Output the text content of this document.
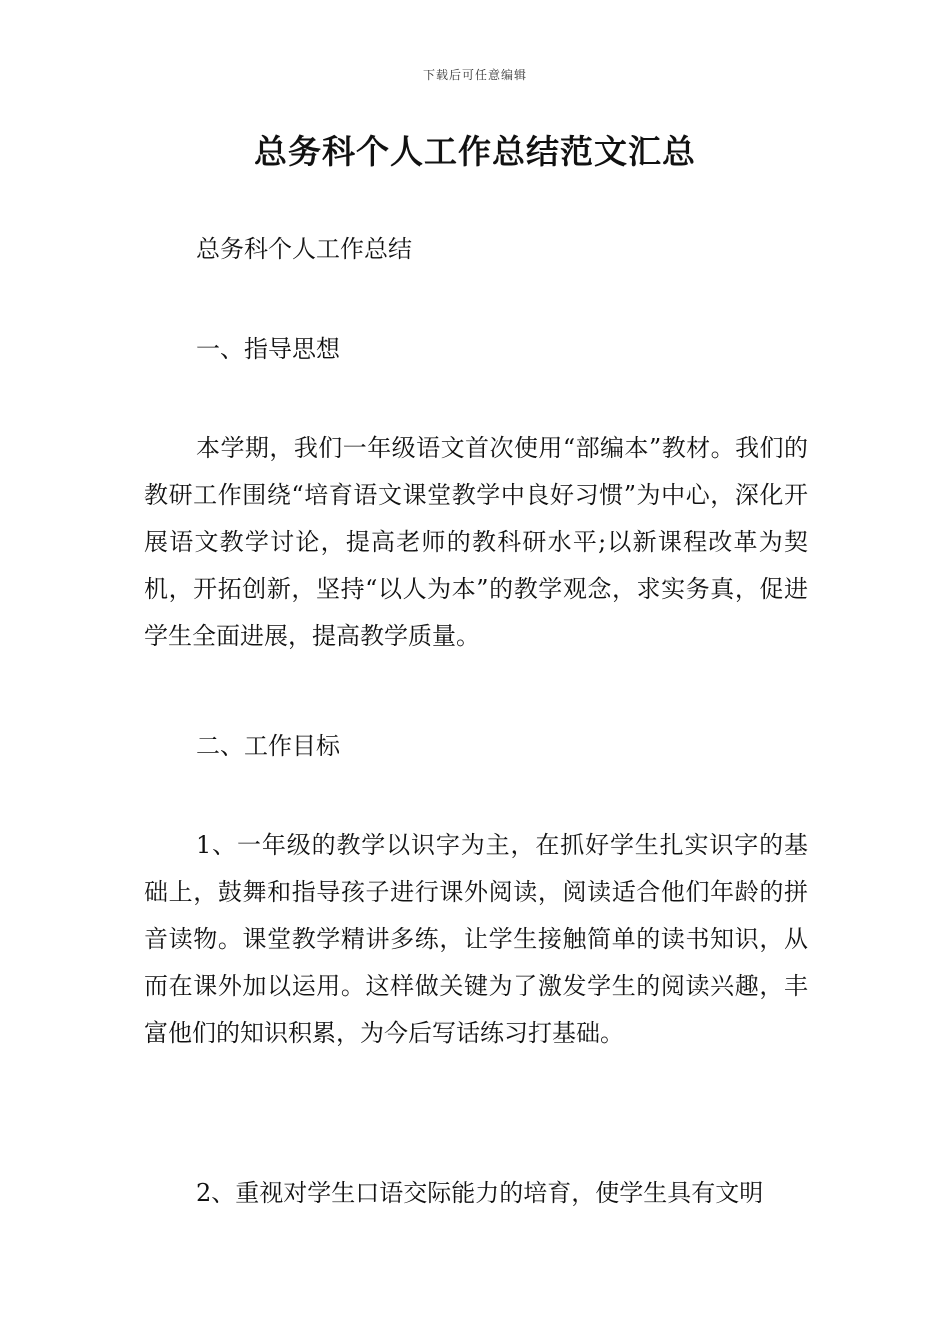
下载后可任意编辑
总务科个人工作总结范文汇总

总务科个人工作总结

一、指导思想

本学期，我们一年级语文首次使用“部编本”教材。我们的教研工作围绕“培育语文课堂教学中良好习惯”为中心，深化开展语文教学讨论，提高老师的教科研水平;以新课程改革为契机，开拓创新，坚持“以人为本”的教学观念，求实务真，促进学生全面进展，提高教学质量。

二、工作目标

1、一年级的教学以识字为主，在抓好学生扎实识字的基础上，鼓舞和指导孩子进行课外阅读，阅读适合他们年龄的拼音读物。课堂教学精讲多练，让学生接触简单的读书知识，从而在课外加以运用。这样做关键为了激发学生的阅读兴趣，丰富他们的知识积累，为今后写话练习打基础。

2、重视对学生口语交际能力的培育，使学生具有文明
